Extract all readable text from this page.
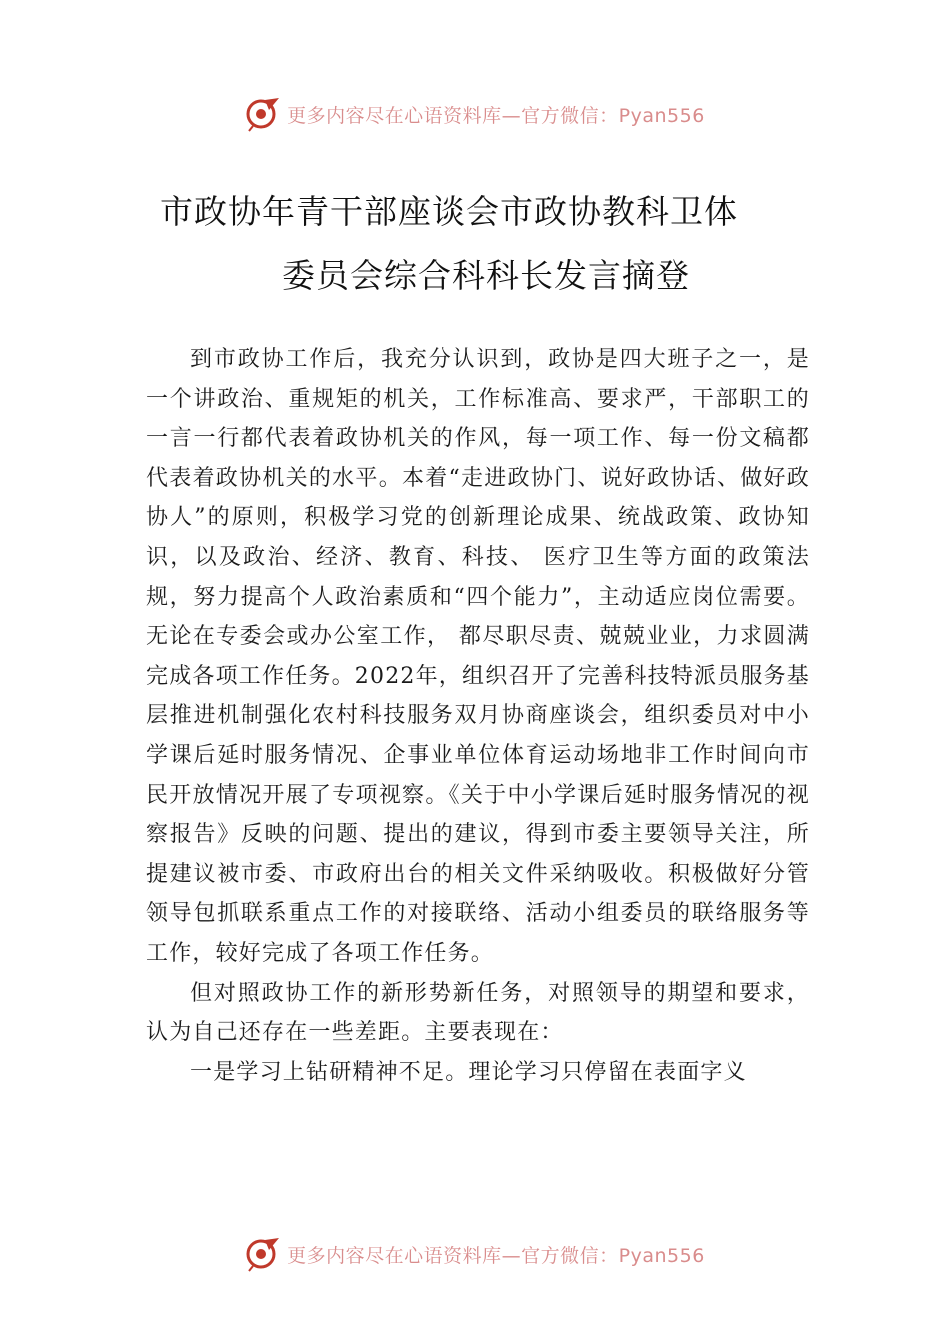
更多内容尽在心语资料库—官方微信：Pyan556
市政协年青干部座谈会市政协教科卫体
委员会综合科科长发言摘登

到市政协工作后，我充分认识到，政协是四大班子之一，是一个讲政治、重规矩的机关，工作标准高、要求严，干部职工的一言一行都代表着政协机关的作风，每一项工作、每一份文稿都代表着政协机关的水平。本着“走进政协门、说好政协话、做好政协人”的原则，积极学习党的创新理论成果、统战政策、政协知识，以及政治、经济、教育、科技、 医疗卫生等方面的政策法规，努力提高个人政治素质和“四个能力”，主动适应岗位需要。无论在专委会或办公室工作， 都尽职尽责、兢兢业业，力求圆满完成各项工作任务。2022年，组织召开了完善科技特派员服务基层推进机制强化农村科技服务双月协商座谈会，组织委员对中小学课后延时服务情况、企事业单位体育运动场地非工作时间向市民开放情况开展了专项视察。《关于中小学课后延时服务情况的视察报告》反映的问题、提出的建议，得到市委主要领导关注，所提建议被市委、市政府出台的相关文件采纳吸收。积极做好分管领导包抓联系重点工作的对接联络、活动小组委员的联络服务等工作，较好完成了各项工作任务。

但对照政协工作的新形势新任务，对照领导的期望和要求，认为自己还存在一些差距。主要表现在：

一是学习上钻研精神不足。理论学习只停留在表面字义

更多内容尽在心语资料库—官方微信：Pyan556
